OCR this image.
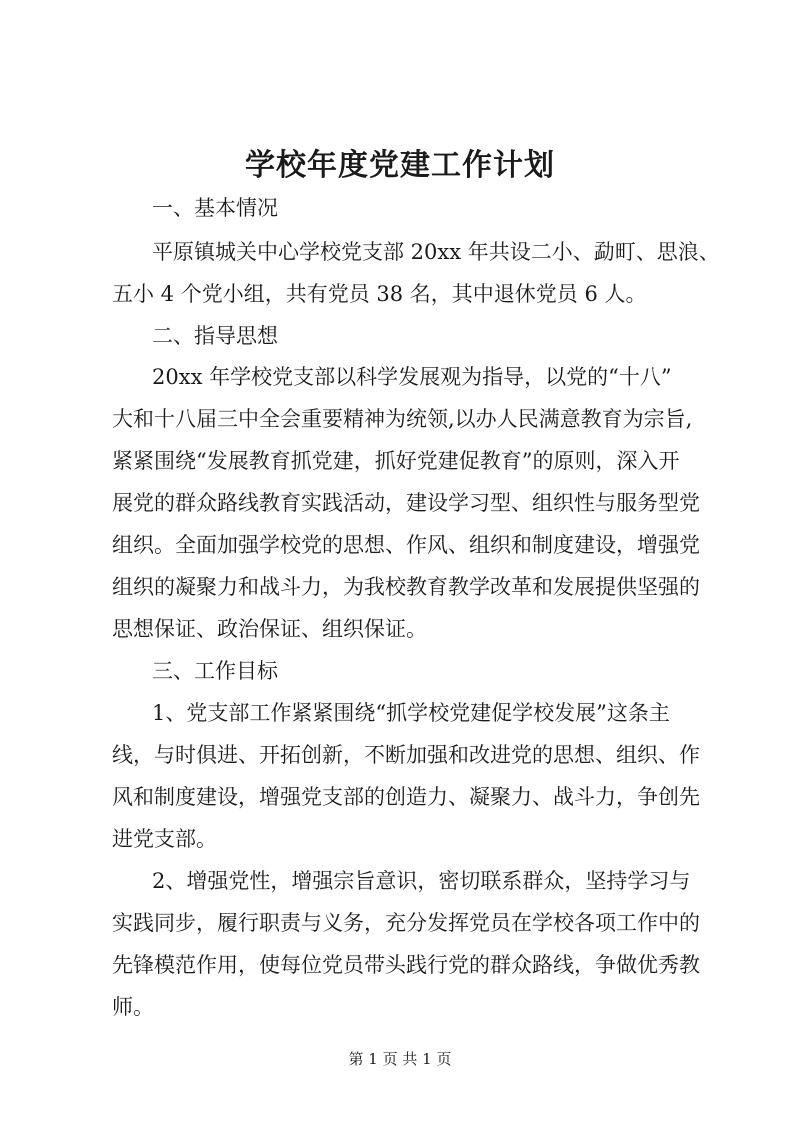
学校年度党建工作计划
一、基本情况
平原镇城关中心学校党支部 20xx 年共设二小、勐町、思浪、
五小 4 个党小组，共有党员 38 名，其中退休党员 6 人。
二、指导思想
20xx 年学校党支部以科学发展观为指导，以党的“十八”
大和十八届三中全会重要精神为统领,以办人民满意教育为宗旨,
紧紧围绕“发展教育抓党建，抓好党建促教育”的原则，深入开
展党的群众路线教育实践活动，建设学习型、组织性与服务型党
组织。全面加强学校党的思想、作风、组织和制度建设，增强党
组织的凝聚力和战斗力，为我校教育教学改革和发展提供坚强的
思想保证、政治保证、组织保证。
三、工作目标
1、党支部工作紧紧围绕“抓学校党建促学校发展”这条主
线，与时俱进、开拓创新，不断加强和改进党的思想、组织、作
风和制度建设，增强党支部的创造力、凝聚力、战斗力，争创先
进党支部。
2、增强党性，增强宗旨意识，密切联系群众，坚持学习与
实践同步，履行职责与义务，充分发挥党员在学校各项工作中的
先锋模范作用，使每位党员带头践行党的群众路线，争做优秀教
师。
第 1 页 共 1 页
